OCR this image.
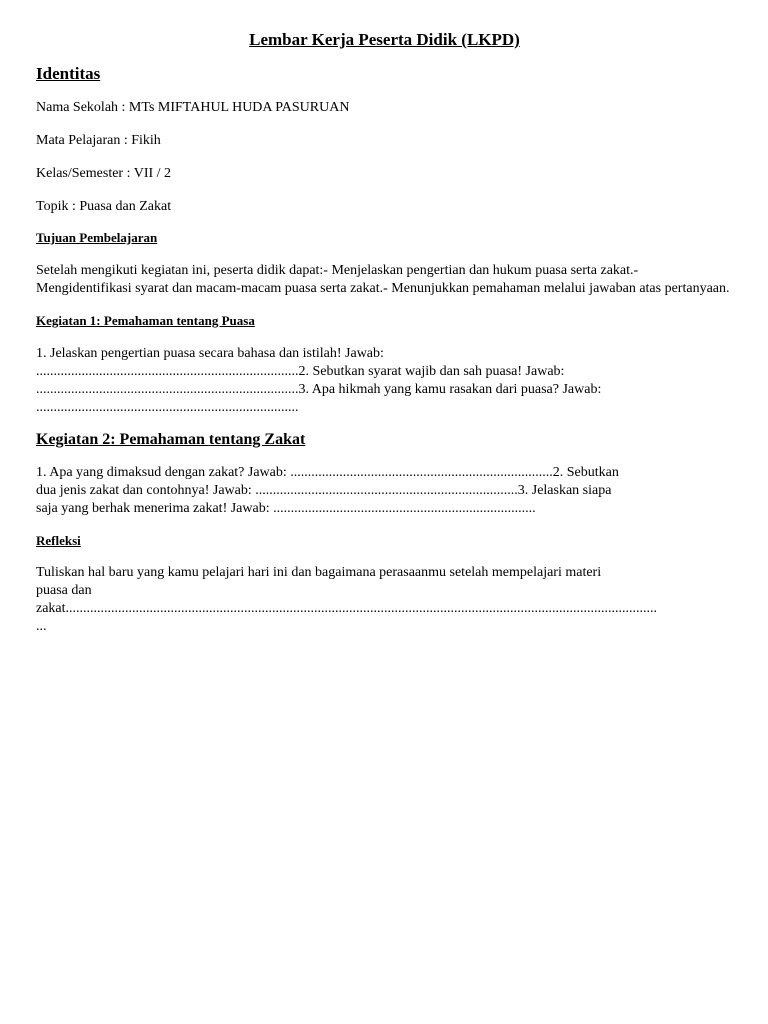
Lembar Kerja Peserta Didik (LKPD)

Identitas

Nama Sekolah : MTs MIFTAHUL HUDA PASURUAN

Mata Pelajaran : Fikih

Kelas/Semester : VII / 2

Topik : Puasa dan Zakat

Tujuan Pembelajaran

Setelah mengikuti kegiatan ini, peserta didik dapat:- Menjelaskan pengertian dan hukum puasa serta zakat.- Mengidentifikasi syarat dan macam-macam puasa serta zakat.- Menunjukkan pemahaman melalui jawaban atas pertanyaan.

Kegiatan 1: Pemahaman tentang Puasa

1. Jelaskan pengertian puasa secara bahasa dan istilah! Jawab:

...........................................................................2. Sebutkan syarat wajib dan sah puasa! Jawab:

...........................................................................3. Apa hikmah yang kamu rasakan dari puasa? Jawab:

...........................................................................

Kegiatan 2: Pemahaman tentang Zakat

1. Apa yang dimaksud dengan zakat? Jawab: ...........................................................................2. Sebutkan

dua jenis zakat dan contohnya! Jawab: ...........................................................................3. Jelaskan siapa

saja yang berhak menerima zakat! Jawab: ...........................................................................

Refleksi

Tuliskan hal baru yang kamu pelajari hari ini dan bagaimana perasaanmu setelah mempelajari materi

puasa dan

zakat.........................................................................................................................................................................

...
